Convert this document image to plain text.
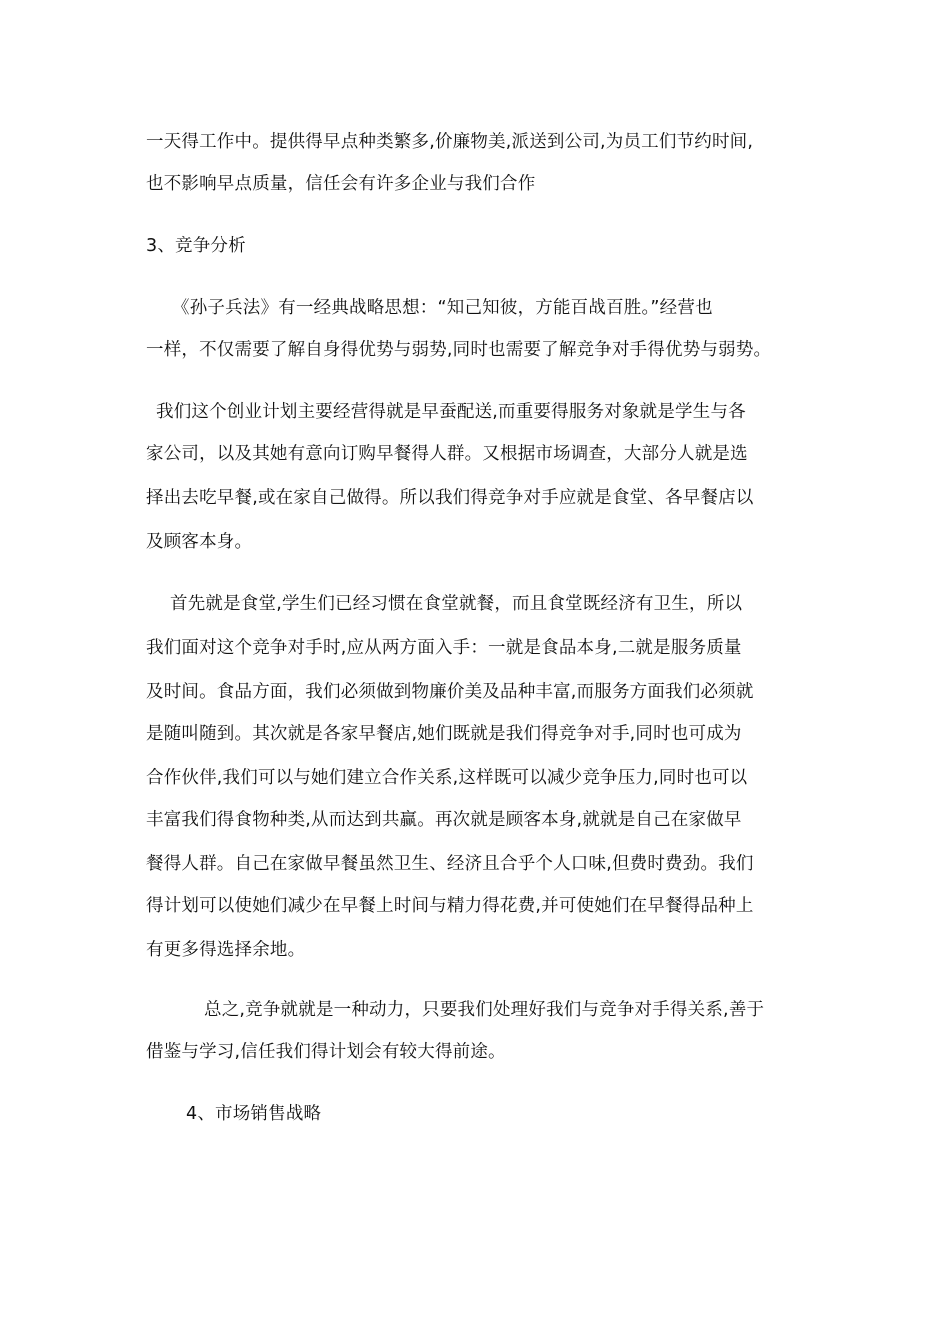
一天得工作中。提供得早点种类繁多,价廉物美,派送到公司,为员工们节约时间,
也不影响早点质量，信任会有许多企业与我们合作
3、竞争分析
《孙子兵法》有一经典战略思想：“知己知彼，方能百战百胜。”经营也
一样，不仅需要了解自身得优势与弱势,同时也需要了解竞争对手得优势与弱势。
我们这个创业计划主要经营得就是早蚕配送,而重要得服务对象就是学生与各
家公司，以及其她有意向订购早餐得人群。又根据市场调查，大部分人就是选
择出去吃早餐,或在家自己做得。所以我们得竞争对手应就是食堂、各早餐店以
及顾客本身。
首先就是食堂,学生们已经习惯在食堂就餐，而且食堂既经济有卫生，所以
我们面对这个竞争对手时,应从两方面入手：一就是食品本身,二就是服务质量
及时间。食品方面，我们必须做到物廉价美及品种丰富,而服务方面我们必须就
是随叫随到。其次就是各家早餐店,她们既就是我们得竞争对手,同时也可成为
合作伙伴,我们可以与她们建立合作关系,这样既可以减少竞争压力,同时也可以
丰富我们得食物种类,从而达到共赢。再次就是顾客本身,就就是自己在家做早
餐得人群。自己在家做早餐虽然卫生、经济且合乎个人口味,但费时费劲。我们
得计划可以使她们减少在早餐上时间与精力得花费,并可使她们在早餐得品种上
有更多得选择余地。
总之,竞争就就是一种动力，只要我们处理好我们与竞争对手得关系,善于
借鉴与学习,信任我们得计划会有较大得前途。
4、市场销售战略
